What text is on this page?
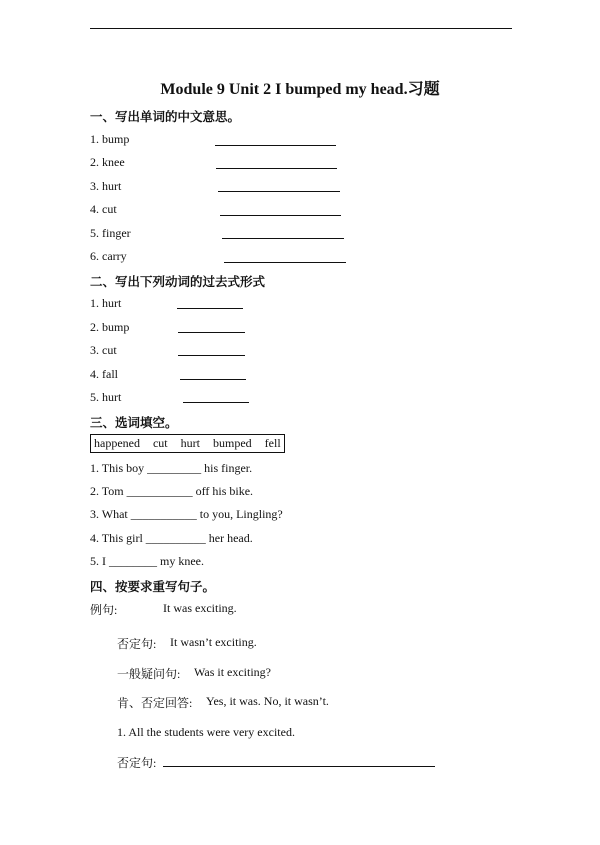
Module 9 Unit 2 I bumped my head.习题
一、写出单词的中文意思。
1. bump
2. knee
3. hurt
4. cut
5. finger
6. carry
二、写出下列动词的过去式形式
1. hurt
2. bump
3. cut
4. fall
5. hurt
三、选词填空。
happened cut hurt bumped fell
1. This boy _________ his finger.
2. Tom ___________ off his bike.
3. What ___________ to you, Lingling?
4. This girl __________ her head.
5. I ________ my knee.
四、按要求重写句子。
例句:	It was exciting.
否定句: It wasn’t exciting.
一般疑问句: Was it exciting?
肯、否定回答: Yes, it was. No, it wasn’t.
1. All the students were very excited.
否定句:
